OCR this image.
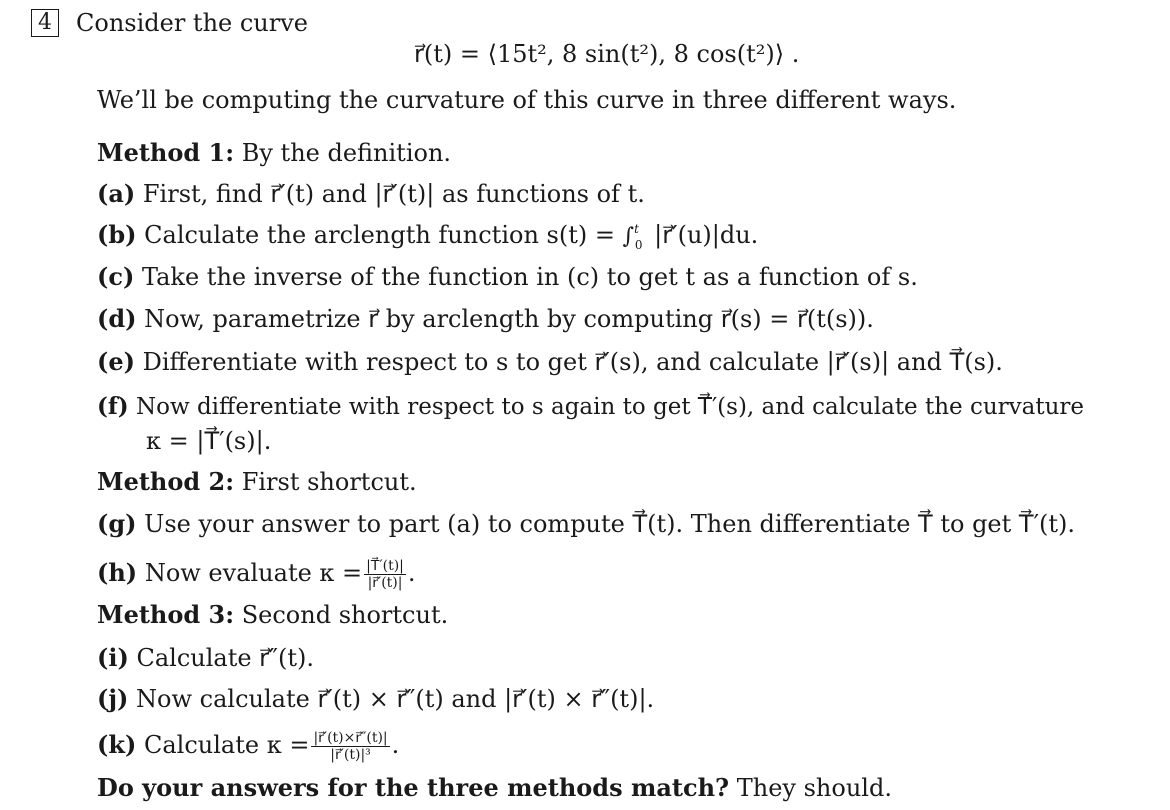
4 Consider the curve
r⃗(t) = ⟨15t², 8 sin(t²), 8 cos(t²)⟩ .
We’ll be computing the curvature of this curve in three different ways.
Method 1: By the definition.
(a) First, find r⃗′(t) and |r⃗′(t)| as functions of t.
(b) Calculate the arclength function s(t) = ∫$^t_0$ |r⃗′(u)|du.
(c) Take the inverse of the function in (c) to get t as a function of s.
(d) Now, parametrize r⃗ by arclength by computing r⃗(s) = r⃗(t(s)).
(e) Differentiate with respect to s to get r⃗′(s), and calculate |r⃗′(s)| and T⃗(s).
(f) Now differentiate with respect to s again to get T⃗′(s), and calculate the curvature
κ = |T⃗′(s)|.
Method 2: First shortcut.
(g) Use your answer to part (a) to compute T⃗(t). Then differentiate T⃗ to get T⃗′(t).
(h) Now evaluate $\kappa = \frac{|T⃗'(t)|}{|r⃗'(t)|}$ .
Method 3: Second shortcut.
(i) Calculate r⃗″(t).
(j) Now calculate r⃗′(t) × r⃗″(t) and |r⃗′(t) × r⃗″(t)|.
(k) Calculate $\kappa = \frac{|r⃗'(t)\times r⃗''(t)|}{\text{|r⃗′(t)|³}}$ .
Do your answers for the three methods match? They should.
